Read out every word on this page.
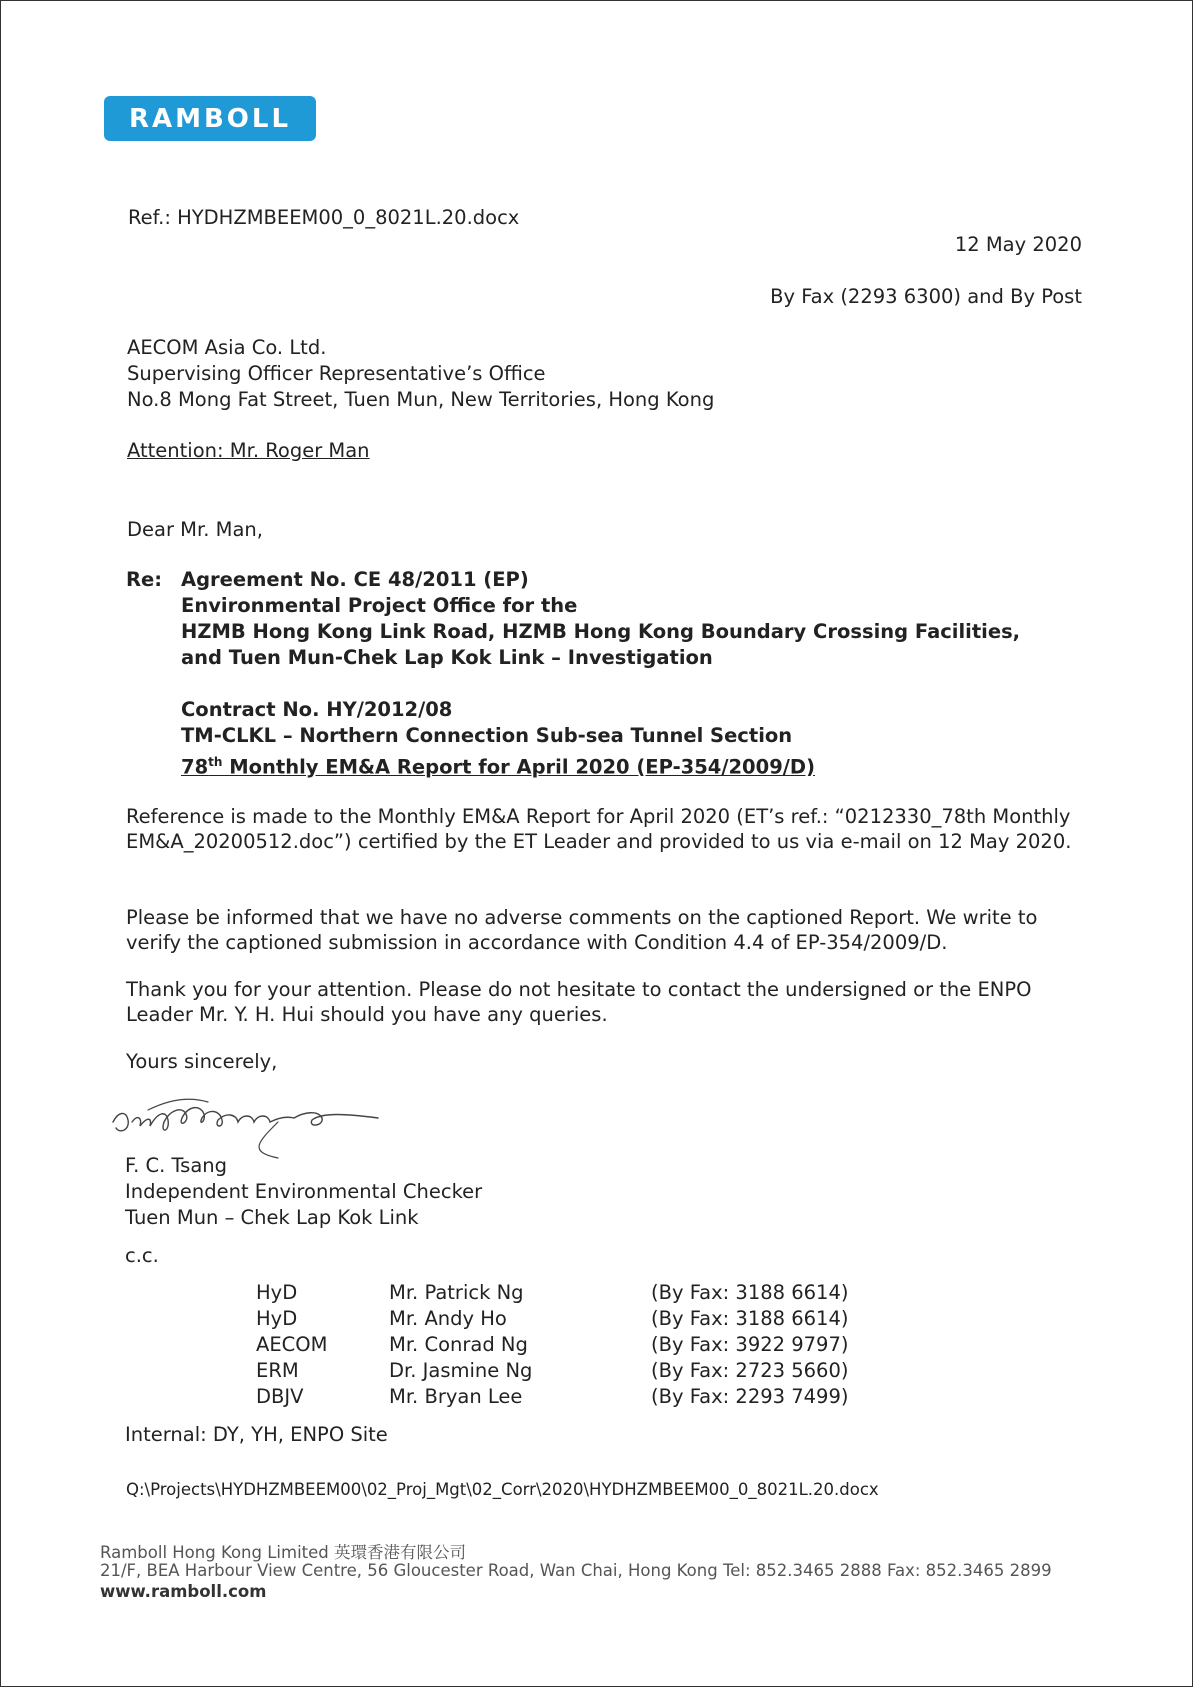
RAMBOLL
Ref.: HYDHZMBEEM00_0_8021L.20.docx
12 May 2020
By Fax (2293 6300) and By Post
AECOM Asia Co. Ltd.
Supervising Officer Representative’s Office
No.8 Mong Fat Street, Tuen Mun, New Territories, Hong Kong
Attention: Mr. Roger Man
Dear Mr. Man,
Re: Agreement No. CE 48/2011 (EP)
Environmental Project Office for the
HZMB Hong Kong Link Road, HZMB Hong Kong Boundary Crossing Facilities,
and Tuen Mun-Chek Lap Kok Link – Investigation
Contract No. HY/2012/08
TM-CLKL – Northern Connection Sub-sea Tunnel Section
78th Monthly EM&A Report for April 2020 (EP-354/2009/D)
Reference is made to the Monthly EM&A Report for April 2020 (ET’s ref.: “0212330_78th Monthly EM&A_20200512.doc”) certified by the ET Leader and provided to us via e-mail on 12 May 2020.
Please be informed that we have no adverse comments on the captioned Report. We write to verify the captioned submission in accordance with Condition 4.4 of EP-354/2009/D.
Thank you for your attention. Please do not hesitate to contact the undersigned or the ENPO Leader Mr. Y. H. Hui should you have any queries.
Yours sincerely,
F. C. Tsang
Independent Environmental Checker
Tuen Mun – Chek Lap Kok Link
c.c.
HyD	Mr. Patrick Ng	(By Fax: 3188 6614)
HyD	Mr. Andy Ho	(By Fax: 3188 6614)
AECOM	Mr. Conrad Ng	(By Fax: 3922 9797)
ERM	Dr. Jasmine Ng	(By Fax: 2723 5660)
DBJV	Mr. Bryan Lee	(By Fax: 2293 7499)
Internal: DY, YH, ENPO Site
Q:\Projects\HYDHZMBEEM00\02_Proj_Mgt\02_Corr\2020\HYDHZMBEEM00_0_8021L.20.docx
Ramboll Hong Kong Limited 英環香港有限公司
21/F, BEA Harbour View Centre, 56 Gloucester Road, Wan Chai, Hong Kong Tel: 852.3465 2888 Fax: 852.3465 2899
www.ramboll.com
